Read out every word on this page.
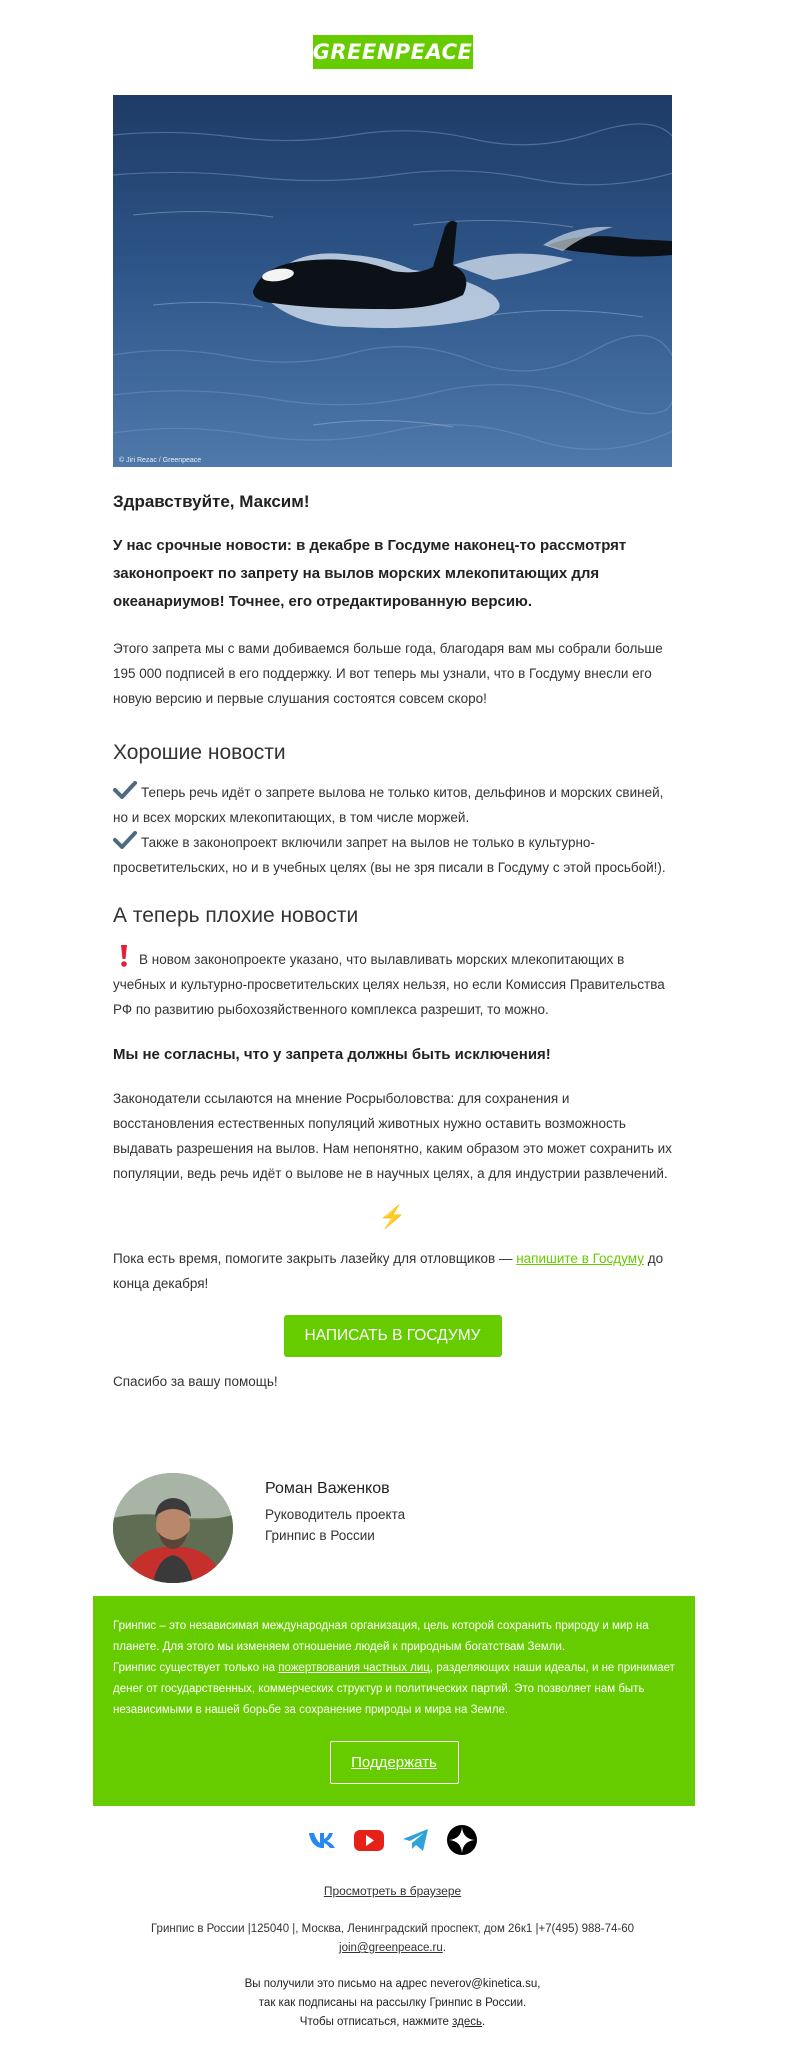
GREENPEACE
© Jiri Rezac / Greenpeace
Здравствуйте, Максим!
У нас срочные новости: в декабре в Госдуме наконец-то рассмотрят законопроект по запрету на вылов морских млекопитающих для океанариумов! Точнее, его отредактированную версию.

Этого запрета мы с вами добиваемся больше года, благодаря вам мы собрали больше 195 000 подписей в его поддержку. И вот теперь мы узнали, что в Госдуму внесли его новую версию и первые слушания состоятся совсем скоро!

Хорошие новости

Теперь речь идёт о запрете вылова не только китов, дельфинов и морских свиней, но и всех морских млекопитающих, в том числе моржей.

Также в законопроект включили запрет на вылов не только в культурно-просветительских, но и в учебных целях (вы не зря писали в Госдуму с этой просьбой!).

А теперь плохие новости

В новом законопроекте указано, что вылавливать морских млекопитающих в учебных и культурно-просветительских целях нельзя, но если Комиссия Правительства РФ по развитию рыбохозяйственного комплекса разрешит, то можно.

Мы не согласны, что у запрета должны быть исключения!

Законодатели ссылаются на мнение Росрыболовства: для сохранения и восстановления естественных популяций животных нужно оставить возможность выдавать разрешения на вылов. Нам непонятно, каким образом это может сохранить их популяции, ведь речь идёт о вылове не в научных целях, а для индустрии развлечений.

⚡

Пока есть время, помогите закрыть лазейку для отловщиков — напишите в Госдуму до конца декабря!

НАПИСАТЬ В ГОСДУМУ

Спасибо за вашу помощь!

Роман Важенков
Руководитель проекта
Гринпис в России
Гринпис – это независимая международная организация, цель которой сохранить природу и мир на планете. Для этого мы изменяем отношение людей к природным богатствам Земли.
Гринпис существует только на пожертвования частных лиц, разделяющих наши идеалы, и не принимает денег от государственных, коммерческих структур и политических партий. Это позволяет нам быть независимыми в нашей борьбе за сохранение природы и мира на Земле.
Поддержать

Просмотреть в браузере
Гринпис в России |125040 |, Москва, Ленинградский проспект, дом 26к1 |+7(495) 988-74-60
join@greenpeace.ru.
Вы получили это письмо на адрес neverov@kinetica.su,
так как подписаны на рассылку Гринпис в России.
Чтобы отписаться, нажмите здесь.
